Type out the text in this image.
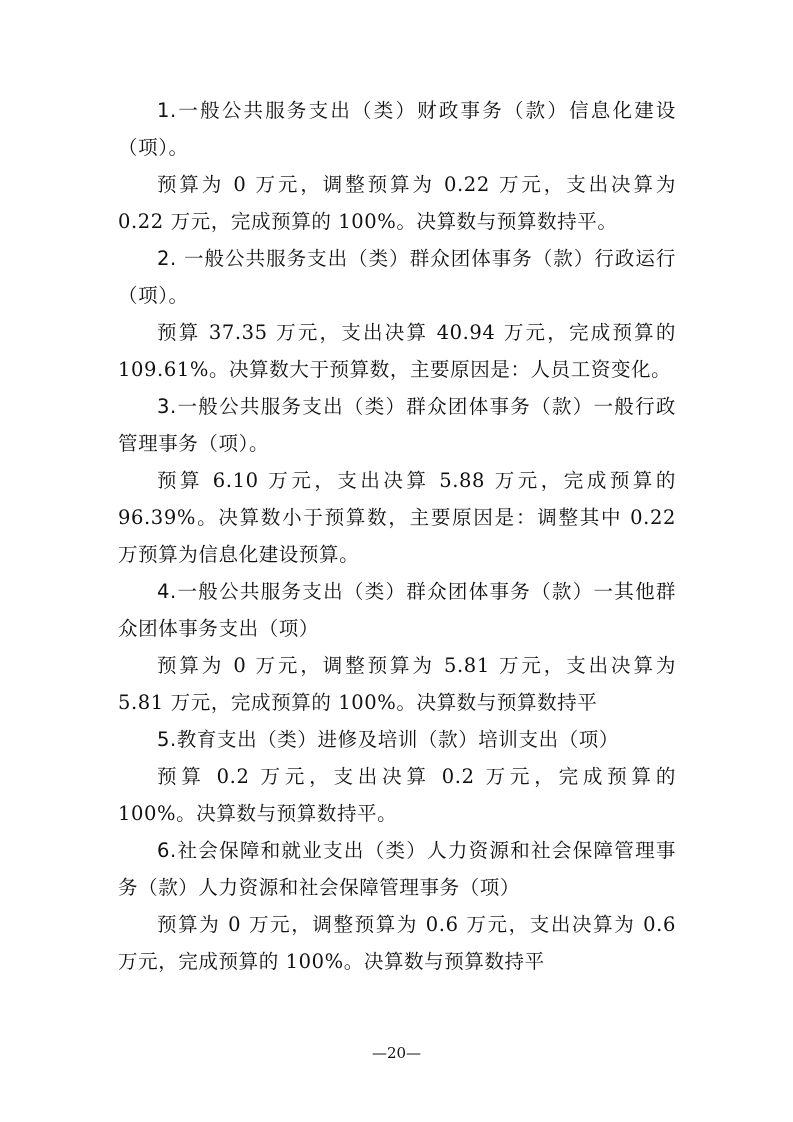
1.一般公共服务支出（类）财政事务（款）信息化建设（项）。

预算为 0 万元，调整预算为 0.22 万元，支出决算为 0.22 万元，完成预算的 100%。决算数与预算数持平。

2. 一般公共服务支出（类）群众团体事务（款）行政运行（项）。

预算 37.35 万元，支出决算 40.94 万元，完成预算的 109.61%。决算数大于预算数，主要原因是：人员工资变化。

3.一般公共服务支出（类）群众团体事务（款）一般行政管理事务（项）。

预算 6.10 万元，支出决算 5.88 万元，完成预算的 96.39%。决算数小于预算数，主要原因是：调整其中 0.22 万预算为信息化建设预算。

4.一般公共服务支出（类）群众团体事务（款）一其他群众团体事务支出（项）

预算为 0 万元，调整预算为 5.81 万元，支出决算为 5.81 万元，完成预算的 100%。决算数与预算数持平

5.教育支出（类）进修及培训（款）培训支出（项）

预算 0.2 万元，支出决算 0.2 万元，完成预算的 100%。决算数与预算数持平。

6.社会保障和就业支出（类）人力资源和社会保障管理事务（款）人力资源和社会保障管理事务（项）

预算为 0 万元，调整预算为 0.6 万元，支出决算为 0.6 万元，完成预算的 100%。决算数与预算数持平

—20—
